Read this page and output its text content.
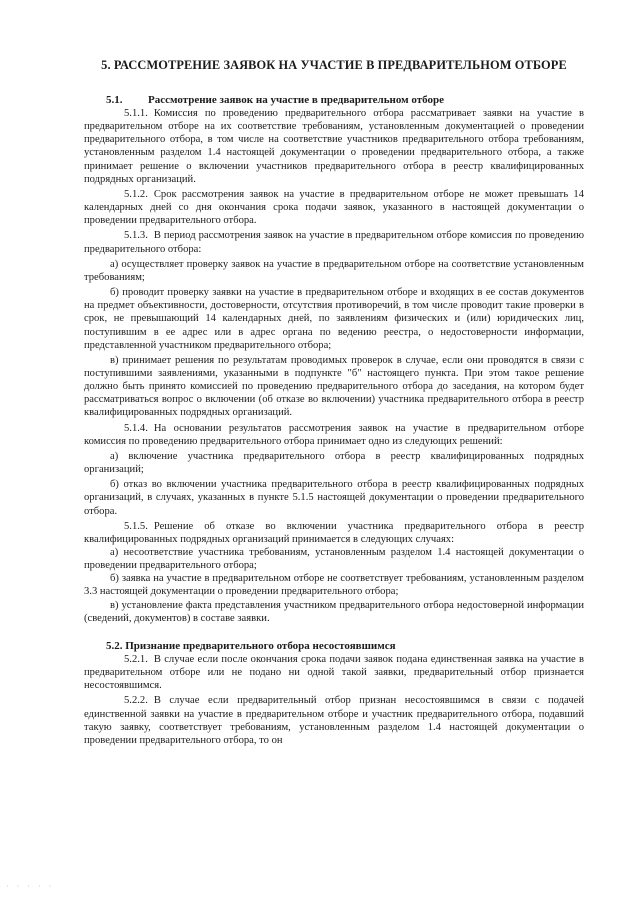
5. РАССМОТРЕНИЕ ЗАЯВОК НА УЧАСТИЕ В ПРЕДВАРИТЕЛЬНОМ ОТБОРЕ
5.1. Рассмотрение заявок на участие в предварительном отборе

5.1.1. Комиссия по проведению предварительного отбора рассматривает заявки на участие в предварительном отборе на их соответствие требованиям, установленным документацией о проведении предварительного отбора, в том числе на соответствие участников предварительного отбора требованиям, установленным разделом 1.4 настоящей документации о проведении предварительного отбора, а также принимает решение о включении участников предварительного отбора в реестр квалифицированных подрядных организаций.

5.1.2. Срок рассмотрения заявок на участие в предварительном отборе не может превышать 14 календарных дней со дня окончания срока подачи заявок, указанного в настоящей документации о проведении предварительного отбора.

5.1.3. В период рассмотрения заявок на участие в предварительном отборе комиссия по проведению предварительного отбора:

а) осуществляет проверку заявок на участие в предварительном отборе на соответствие установленным требованиям;

б) проводит проверку заявки на участие в предварительном отборе и входящих в ее состав документов на предмет объективности, достоверности, отсутствия противоречий, в том числе проводит такие проверки в срок, не превышающий 14 календарных дней, по заявлениям физических и (или) юридических лиц, поступившим в ее адрес или в адрес органа по ведению реестра, о недостоверности информации, представленной участником предварительного отбора;

в) принимает решения по результатам проводимых проверок в случае, если они проводятся в связи с поступившими заявлениями, указанными в подпункте "б" настоящего пункта. При этом такое решение должно быть принято комиссией по проведению предварительного отбора до заседания, на котором будет рассматриваться вопрос о включении (об отказе во включении) участника предварительного отбора в реестр квалифицированных подрядных организаций.

5.1.4. На основании результатов рассмотрения заявок на участие в предварительном отборе комиссия по проведению предварительного отбора принимает одно из следующих решений:

а) включение участника предварительного отбора в реестр квалифицированных подрядных организаций;

б) отказ во включении участника предварительного отбора в реестр квалифицированных подрядных организаций, в случаях, указанных в пункте 5.1.5 настоящей документации о проведении предварительного отбора.

5.1.5. Решение об отказе во включении участника предварительного отбора в реестр квалифицированных подрядных организаций принимается в следующих случаях:

а) несоответствие участника требованиям, установленным разделом 1.4 настоящей документации о проведении предварительного отбора;

б) заявка на участие в предварительном отборе не соответствует требованиям, установленным разделом 3.3 настоящей документации о проведении предварительного отбора;

в) установление факта представления участником предварительного отбора недостоверной информации (сведений, документов) в составе заявки.

5.2. Признание предварительного отбора несостоявшимся

5.2.1. В случае если после окончания срока подачи заявок подана единственная заявка на участие в предварительном отборе или не подано ни одной такой заявки, предварительный отбор признается несостоявшимся.

5.2.2. В случае если предварительный отбор признан несостоявшимся в связи с подачей единственной заявки на участие в предварительном отборе и участник предварительного отбора, подавший такую заявку, соответствует требованиям, установленным разделом 1.4 настоящей документации о проведении предварительного отбора, то он

· · · · ·
